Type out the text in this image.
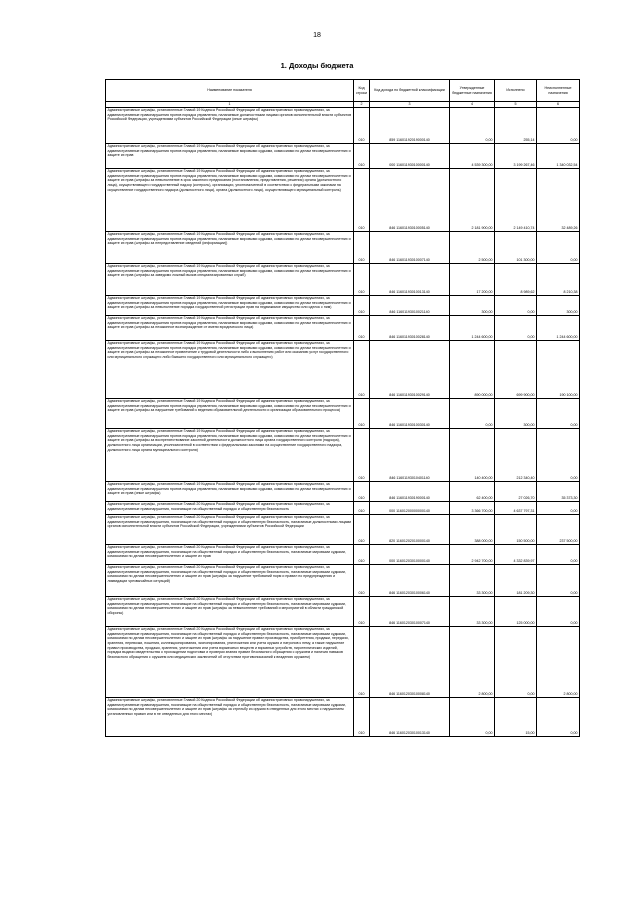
18
1. Доходы бюджета
Наименование показателя	Код строки	Код дохода по бюджетной классификации	Утвержденные бюджетные назначения	Исполнено	Неисполненные назначения
1	2	3	4	5	6
Административные штрафы, установленные Главой 19 Кодекса Российской Федерации об административных правонарушениях, за административные правонарушения против порядка управления, налагаемые должностными лицами органов исполнительной власти субъектов Российской Федерации, учреждениями субъектов Российской Федерации (иные штрафы)	010	859 11601192019000140	0,00	255,14	0,00
Административные штрафы, установленные Главой 19 Кодекса Российской Федерации об административных правонарушениях, за административные правонарушения против порядка управления, налагаемые мировыми судьями, комиссиями по делам несовершеннолетних и защите их прав	010	000 11601193010000140	4 539 300,00	3 199 267,46	1 340 032,54
Административные штрафы, установленные Главой 19 Кодекса Российской Федерации об административных правонарушениях, за административные правонарушения против порядка управления, налагаемые мировыми судьями, комиссиями по делам несовершеннолетних и защите их прав (штрафы за невыполнение в срок законного предписания (постановления, представления, решения) органа (должностного лица), осуществляющего государственный надзор (контроль), организации, уполномоченной в соответствии с федеральными законами на осуществление государственного надзора (должностного лица), органа (должностного лица), осуществляющего муниципальный контроль)	010	846 11601193010005140	2 181 900,00	2 149 410,74	32 489,26
Административные штрафы, установленные Главой 19 Кодекса Российской Федерации об административных правонарушениях, за административные правонарушения против порядка управления, налагаемые мировыми судьями, комиссиями по делам несовершеннолетних и защите их прав (штрафы за непредставление сведений (информации))	010	846 11601193010007140	2 500,00	101 300,00	0,00
Административные штрафы, установленные Главой 19 Кодекса Российской Федерации об административных правонарушениях, за административные правонарушения против порядка управления, налагаемые мировыми судьями, комиссиями по делам несовершеннолетних и защите их прав (штрафы за заведомо ложный вызов специализированных служб)	010	846 11601193010013140	17 200,00	8 989,62	8 210,38
Административные штрафы, установленные Главой 19 Кодекса Российской Федерации об административных правонарушениях, за административные правонарушения против порядка управления, налагаемые мировыми судьями, комиссиями по делам несовершеннолетних и защите их прав (штрафы за невыполнение порядка государственной регистрации прав на недвижимое имущество или сделок с ним)	010	846 11601193010021140	300,00	0,00	300,00
Административные штрафы, установленные Главой 19 Кодекса Российской Федерации об административных правонарушениях, за административные правонарушения против порядка управления, налагаемые мировыми судьями, комиссиями по делам несовершеннолетних и защите их прав (штрафы за незаконное вознаграждение от имени юридического лица)	010	846 11601193010028140	1 244 600,00	0,00	1 244 600,00
Административные штрафы, установленные Главой 19 Кодекса Российской Федерации об административных правонарушениях, за административные правонарушения против порядка управления, налагаемые мировыми судьями, комиссиями по делам несовершеннолетних и защите их прав (штрафы за незаконное привлечение к трудовой деятельности либо к выполнению работ или оказанию услуг государственного или муниципального служащего либо бывшего государственного или муниципального служащего)	010	846 11601193010029140	890 000,00	699 900,00	190 100,00
Административные штрафы, установленные Главой 19 Кодекса Российской Федерации об административных правонарушениях, за административные правонарушения против порядка управления, налагаемые мировыми судьями, комиссиями по делам несовершеннолетних и защите их прав (штрафы за нарушение требований к ведению образовательной деятельности и организации образовательного процесса)	010	846 11601193010030140	0,00	300,00	0,00
Административные штрафы, установленные Главой 19 Кодекса Российской Федерации об административных правонарушениях, за административные правонарушения против порядка управления, налагаемые мировыми судьями, комиссиями по делам несовершеннолетних и защите их прав (штрафы за воспрепятствование законной деятельности должностного лица органа государственного контроля (надзора), должностного лица организации, уполномоченной в соответствии с федеральными законами на осуществление государственного надзора, должностного лица органа муниципального контроля)	010	846 11601193010401140	140 400,00	212 340,40	0,00
Административные штрафы, установленные Главой 19 Кодекса Российской Федерации об административных правонарушениях, за административные правонарушения против порядка управления, налагаемые мировыми судьями, комиссиями по делам несовершеннолетних и защите их прав (иные штрафы)	010	846 11601193019000140	62 400,00	27 026,70	35 373,30
Административные штрафы, установленные Главой 20 Кодекса Российской Федерации об административных правонарушениях, за административные правонарушения, посягающие на общественный порядок и общественную безопасность	010	000 11601200000000140	3 366 700,00	4 637 797,31	0,00
Административные штрафы, установленные Главой 20 Кодекса Российской Федерации об административных правонарушениях, за административные правонарушения, посягающие на общественный порядок и общественную безопасность, налагаемые должностными лицами органов исполнительной власти субъектов Российской Федерации, учреждениями субъектов Российской Федерации	010	820 11601202010000140	388 000,00	150 500,00	237 500,00
Административные штрафы, установленные Главой 20 Кодекса Российской Федерации об административных правонарушениях, за административные правонарушения, посягающие на общественный порядок и общественную безопасность, налагаемые мировыми судьями, комиссиями по делам несовершеннолетних и защите их прав	010	000 11601203010000140	2 942 700,00	4 332 839,97	0,00
Административные штрафы, установленные Главой 20 Кодекса Российской Федерации об административных правонарушениях, за административные правонарушения, посягающие на общественный порядок и общественную безопасность, налагаемые мировыми судьями, комиссиями по делам несовершеннолетних и защите их прав (штрафы за нарушение требований норм и правил по предупреждению и ликвидации чрезвычайных ситуаций)	010	846 11601203010006140	33 300,00	181 209,30	0,00
Административные штрафы, установленные Главой 20 Кодекса Российской Федерации об административных правонарушениях, за административные правонарушения, посягающие на общественный порядок и общественную безопасность, налагаемые мировыми судьями, комиссиями по делам несовершеннолетних и защите их прав (штрафы за невыполнение требований и мероприятий в области гражданской обороны)	010	846 11601203010007140	33 300,00	125 000,00	0,00
Административные штрафы, установленные Главой 20 Кодекса Российской Федерации об административных правонарушениях, за административные правонарушения, посягающие на общественный порядок и общественную безопасность, налагаемые мировыми судьями, комиссиями по делам несовершеннолетних и защите их прав (штрафы за нарушение правил производства, приобретения, продажи, передачи, хранения, перевозки, ношения, коллекционирования, экспонирования, уничтожения или учета оружия и патронов к нему, а также нарушение правил производства, продажи, хранения, уничтожения или учета взрывчатых веществ и взрывных устройств, пиротехнических изделий, порядка выдачи свидетельства о прохождении подготовки и проверки знания правил безопасного обращения с оружием и наличия навыков безопасного обращения с оружием или медицинских заключений об отсутствии противопоказаний к владению оружием)	010	846 11601203010008140	2 800,00	0,00	2 800,00
Административные штрафы, установленные Главой 20 Кодекса Российской Федерации об административных правонарушениях, за административные правонарушения, посягающие на общественный порядок и общественную безопасность, налагаемые мировыми судьями, комиссиями по делам несовершеннолетних и защите их прав (штрафы за стрельбу из оружия в отведенных для этого местах с нарушением установленных правил или в не отведенных для этого местах)	010	846 11601203010013140	0,00	15,00	0,00
